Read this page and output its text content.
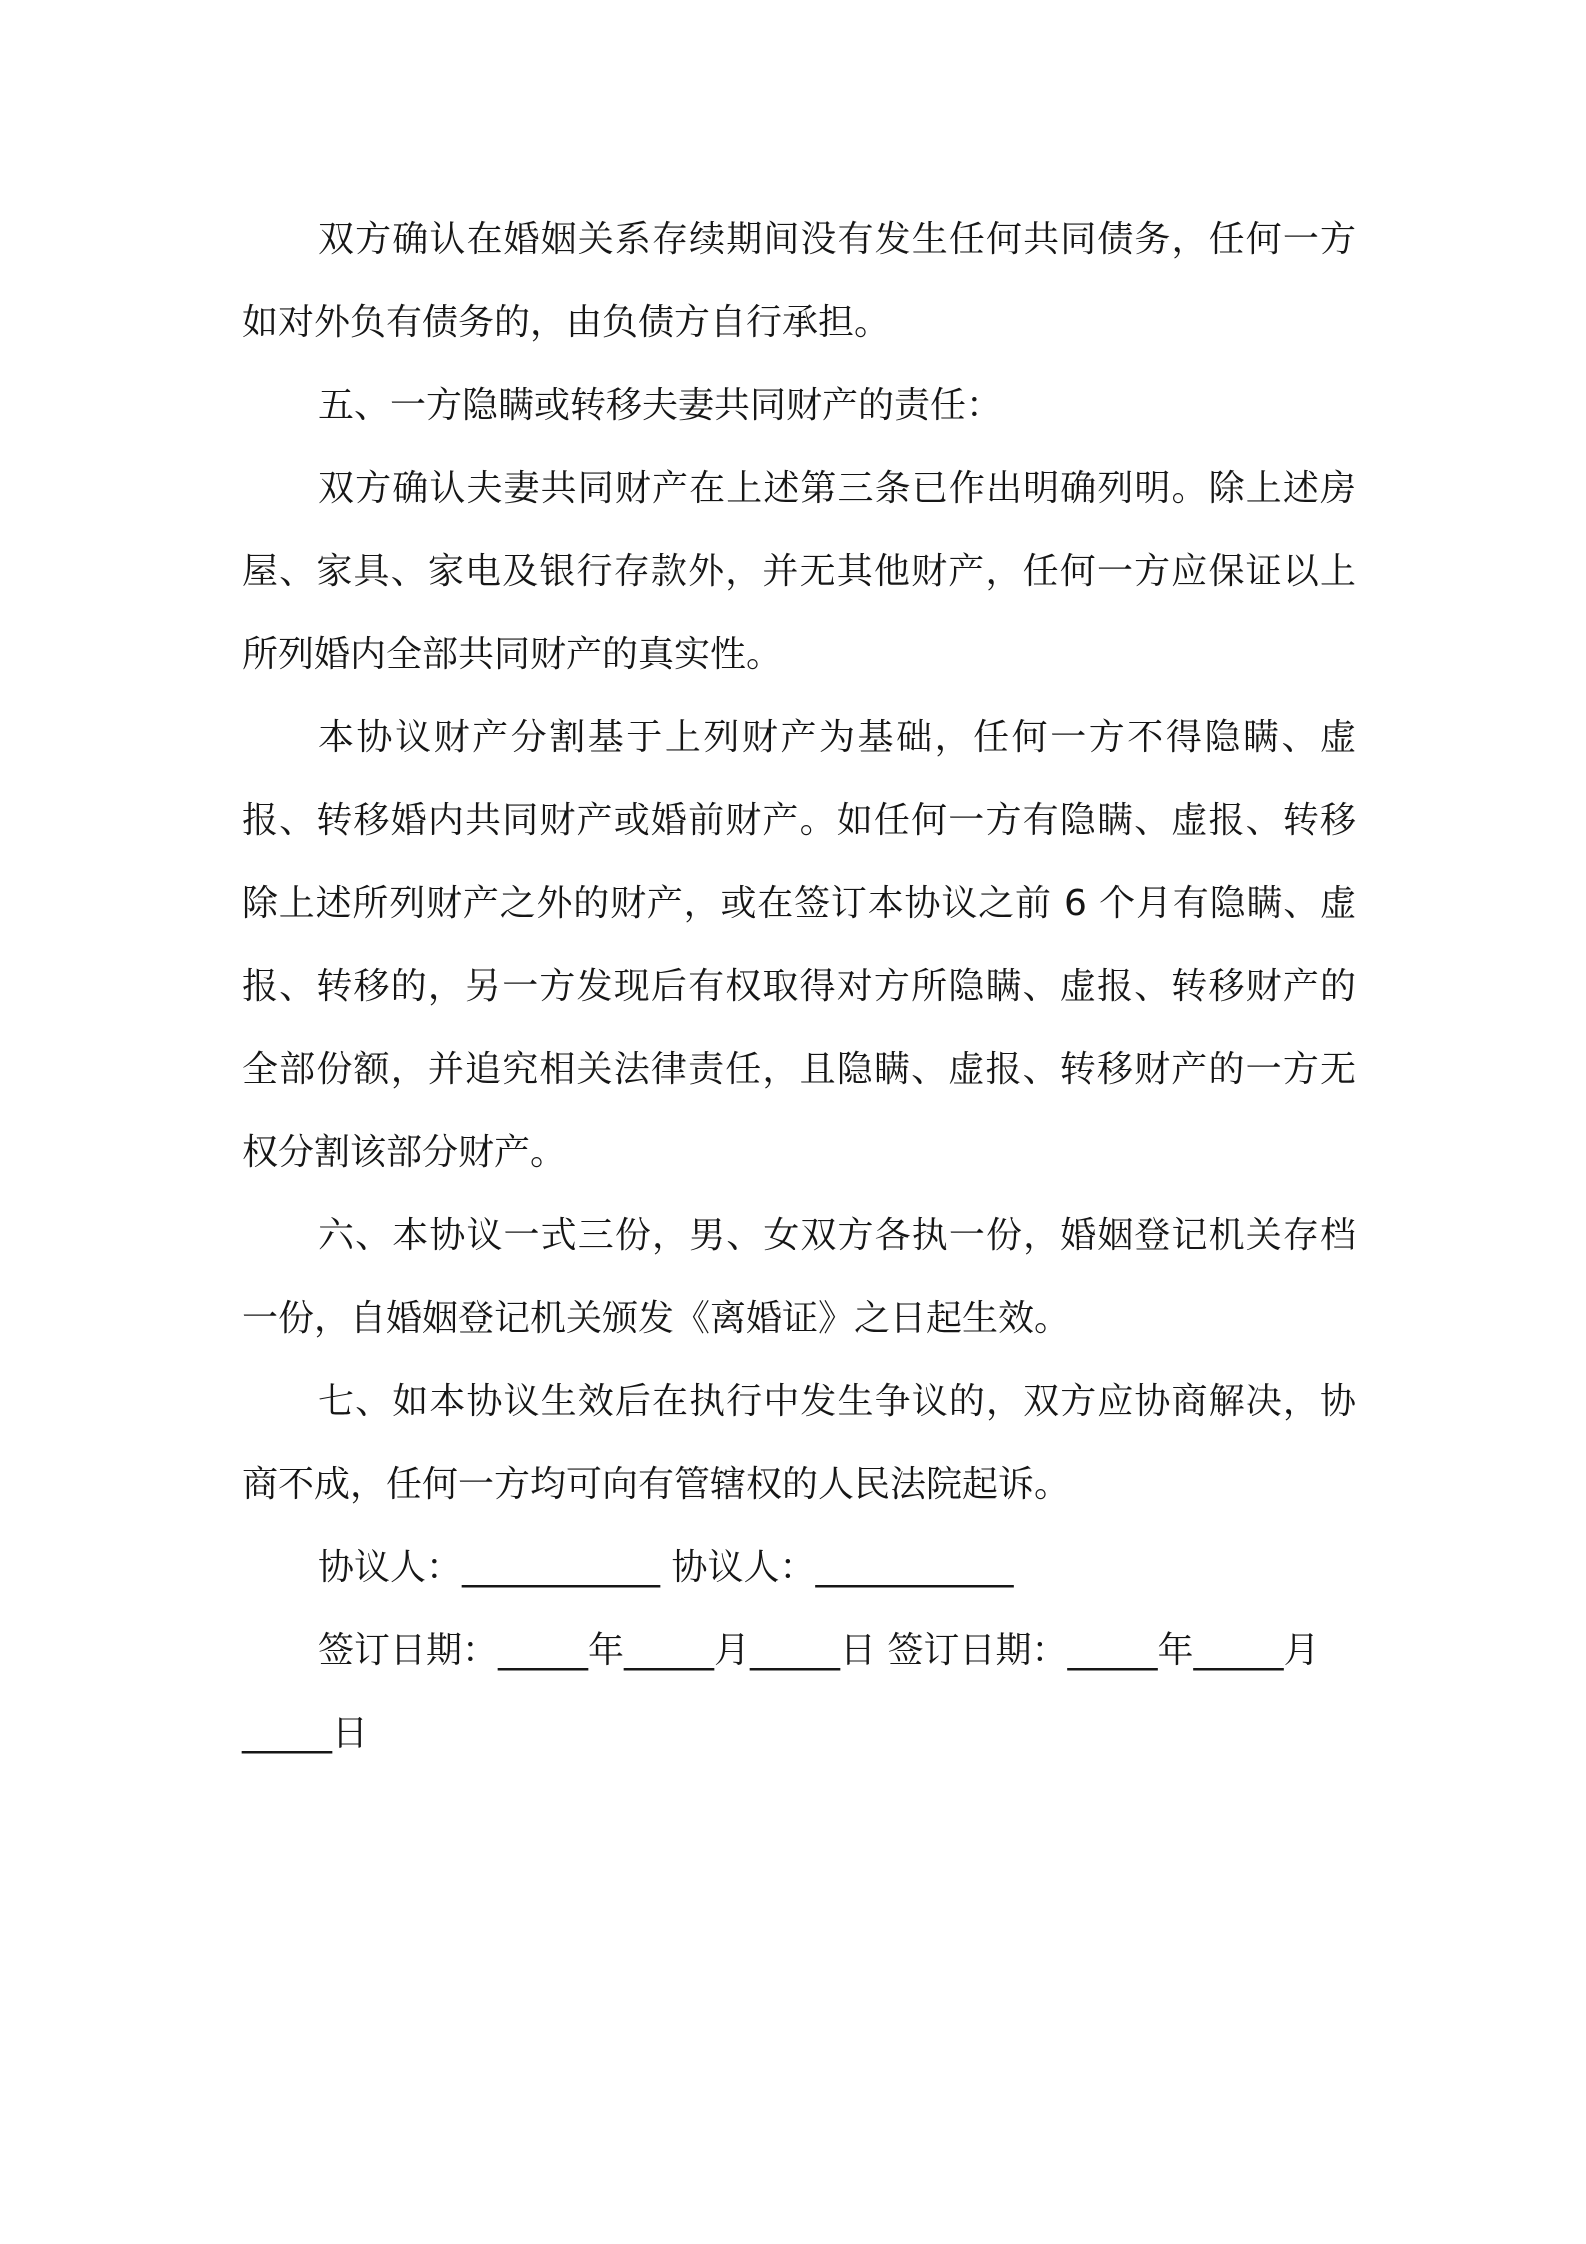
双方确认在婚姻关系存续期间没有发生任何共同债务，任何一方如对外负有债务的，由负债方自行承担。

五、一方隐瞒或转移夫妻共同财产的责任：

双方确认夫妻共同财产在上述第三条已作出明确列明。除上述房屋、家具、家电及银行存款外，并无其他财产，任何一方应保证以上所列婚内全部共同财产的真实性。

本协议财产分割基于上列财产为基础，任何一方不得隐瞒、虚报、转移婚内共同财产或婚前财产。如任何一方有隐瞒、虚报、转移除上述所列财产之外的财产，或在签订本协议之前 6 个月有隐瞒、虚报、转移的，另一方发现后有权取得对方所隐瞒、虚报、转移财产的全部份额，并追究相关法律责任，且隐瞒、虚报、转移财产的一方无权分割该部分财产。

六、本协议一式三份，男、女双方各执一份，婚姻登记机关存档一份，自婚姻登记机关颁发《离婚证》之日起生效。

七、如本协议生效后在执行中发生争议的，双方应协商解决，协商不成，任何一方均可向有管辖权的人民法院起诉。

协议人：___________ 协议人：___________

签订日期：_____年_____月_____日 签订日期：_____年_____月_____日
